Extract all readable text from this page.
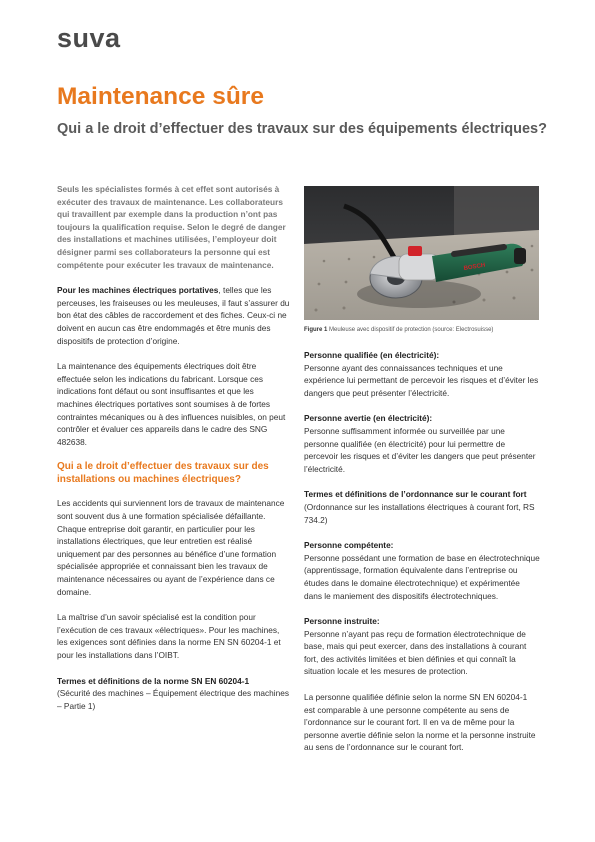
suva
Maintenance sûre
Qui a le droit d’effectuer des travaux sur des équipements électriques?

Seuls les spécialistes formés à cet effet sont autorisés à exécuter des travaux de maintenance. Les collaborateurs qui travaillent par exemple dans la production n’ont pas toujours la qualification requise. Selon le degré de danger des installations et machines utilisées, l’employeur doit désigner parmi ses collaborateurs la personne qui est compétente pour exécuter les travaux de maintenance.

Pour les machines électriques portatives, telles que les perceuses, les fraiseuses ou les meuleuses, il faut s’assurer du bon état des câbles de raccordement et des fiches. Ceux-ci ne doivent en aucun cas être endommagés et être munis des dispositifs de protection d’origine.

La maintenance des équipements électriques doit être effectuée selon les indications du fabricant. Lorsque ces indications font défaut ou sont insuffisantes et que les machines électriques portatives sont soumises à de fortes contraintes mécaniques ou à des influences nuisibles, on peut contrôler et évaluer ces appareils dans le cadre des SNG 482638.

Qui a le droit d’effectuer des travaux sur des installations ou machines électriques?

Les accidents qui surviennent lors de travaux de maintenance sont souvent dus à une formation spécialisée défaillante. Chaque entreprise doit garantir, en particulier pour les installations électriques, que leur entretien est réalisé uniquement par des personnes au bénéfice d’une formation spécialisée appropriée et connaissant bien les travaux de maintenance nécessaires ou ayant de l’expérience dans ce domaine.

La maîtrise d’un savoir spécialisé est la condition pour l’exécution de ces travaux «électriques». Pour les machines, les exigences sont définies dans la norme EN SN 60204-1 et pour les installations dans l’OIBT.

Termes et définitions de la norme SN EN 60204-1
(Sécurité des machines – Équipement électrique des machines – Partie 1)

BOSCH
Figure 1 Meuleuse avec dispositif de protection (source: Electrosuisse)

Personne qualifiée (en électricité):
Personne ayant des connaissances techniques et une expérience lui permettant de percevoir les risques et d’éviter les dangers que peut présenter l’électricité.

Personne avertie (en électricité):
Personne suffisamment informée ou surveillée par une personne qualifiée (en électricité) pour lui permettre de percevoir les risques et d’éviter les dangers que peut présenter l’électricité.

Termes et définitions de l’ordonnance sur le courant fort
(Ordonnance sur les installations électriques à courant fort, RS 734.2)

Personne compétente:
Personne possédant une formation de base en électrotechnique (apprentissage, formation équivalente dans l’entreprise ou études dans le domaine électrotechnique) et expérimentée dans le maniement des dispositifs électrotechniques.

Personne instruite:
Personne n’ayant pas reçu de formation électrotechnique de base, mais qui peut exercer, dans des installations à courant fort, des activités limitées et bien définies et qui connaît la situation locale et les mesures de protection.

La personne qualifiée définie selon la norme SN EN 60204-1 est comparable à une personne compétente au sens de l’ordonnance sur le courant fort. Il en va de même pour la personne avertie définie selon la norme et la personne instruite au sens de l’ordonnance sur le courant fort.
